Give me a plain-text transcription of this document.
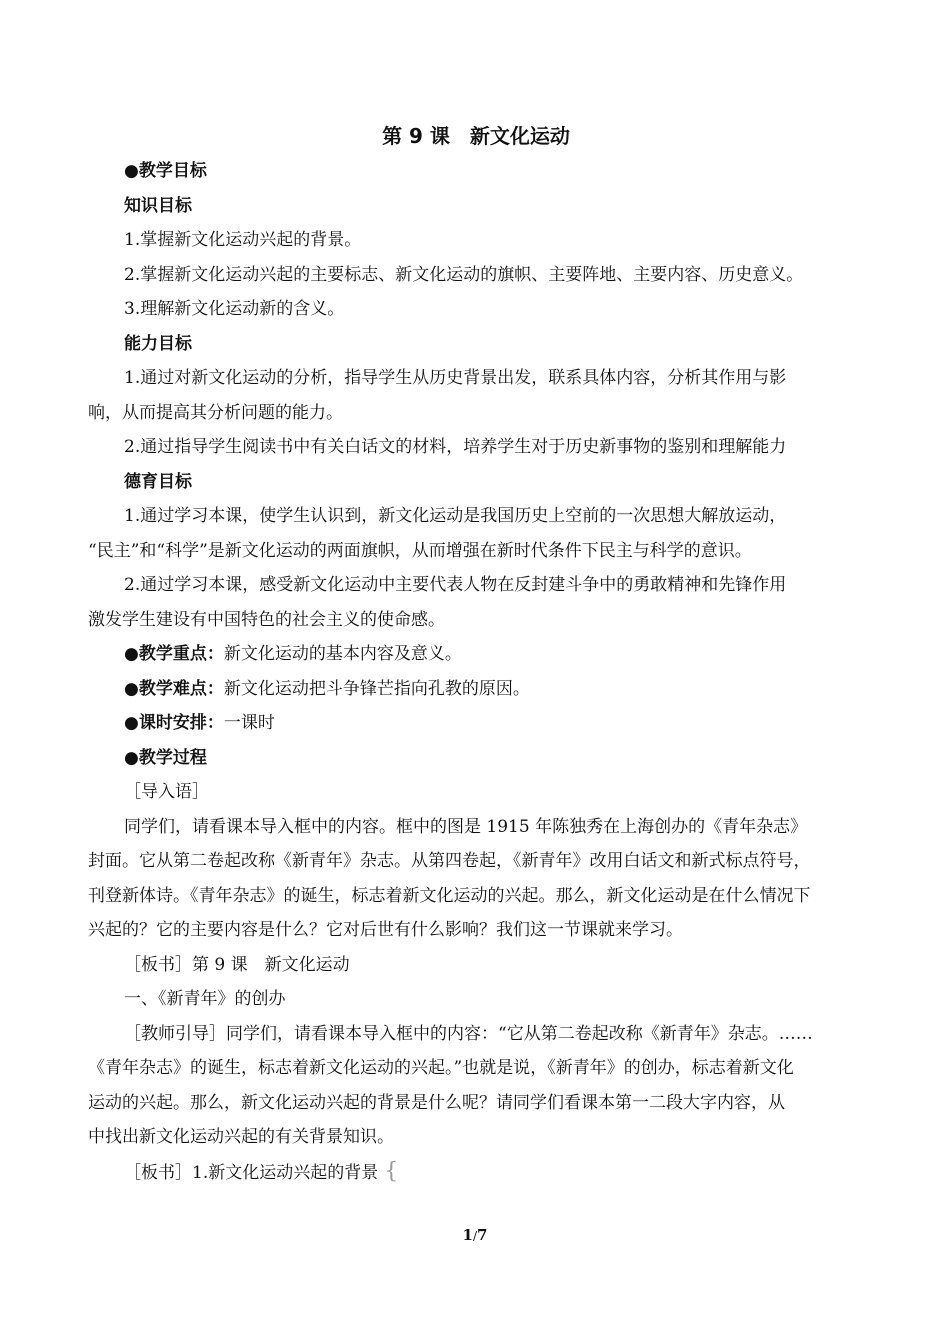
第 9 课　新文化运动
●教学目标
知识目标
1.掌握新文化运动兴起的背景。
2.掌握新文化运动兴起的主要标志、新文化运动的旗帜、主要阵地、主要内容、历史意义。
3.理解新文化运动新的含义。
能力目标
1.通过对新文化运动的分析，指导学生从历史背景出发，联系具体内容，分析其作用与影
响，从而提高其分析问题的能力。
2.通过指导学生阅读书中有关白话文的材料，培养学生对于历史新事物的鉴别和理解能力
德育目标
1.通过学习本课，使学生认识到，新文化运动是我国历史上空前的一次思想大解放运动，
“民主”和“科学”是新文化运动的两面旗帜，从而增强在新时代条件下民主与科学的意识。
2.通过学习本课，感受新文化运动中主要代表人物在反封建斗争中的勇敢精神和先锋作用
激发学生建设有中国特色的社会主义的使命感。
●教学重点：新文化运动的基本内容及意义。
●教学难点：新文化运动把斗争锋芒指向孔教的原因。
●课时安排：一课时
●教学过程
［导入语］
同学们，请看课本导入框中的内容。框中的图是 1915 年陈独秀在上海创办的《青年杂志》
封面。它从第二卷起改称《新青年》杂志。从第四卷起，《新青年》改用白话文和新式标点符号，
刊登新体诗。《青年杂志》的诞生，标志着新文化运动的兴起。那么，新文化运动是在什么情况下
兴起的？它的主要内容是什么？它对后世有什么影响？我们这一节课就来学习。
［板书］第 9 课　新文化运动
一、《新青年》的创办
［教师引导］同学们，请看课本导入框中的内容：“它从第二卷起改称《新青年》杂志。……
《青年杂志》的诞生，标志着新文化运动的兴起。”也就是说，《新青年》的创办，标志着新文化
运动的兴起。那么，新文化运动兴起的背景是什么呢？请同学们看课本第一二段大字内容，从
中找出新文化运动兴起的有关背景知识。
［板书］1.新文化运动兴起的背景 {
1/7
